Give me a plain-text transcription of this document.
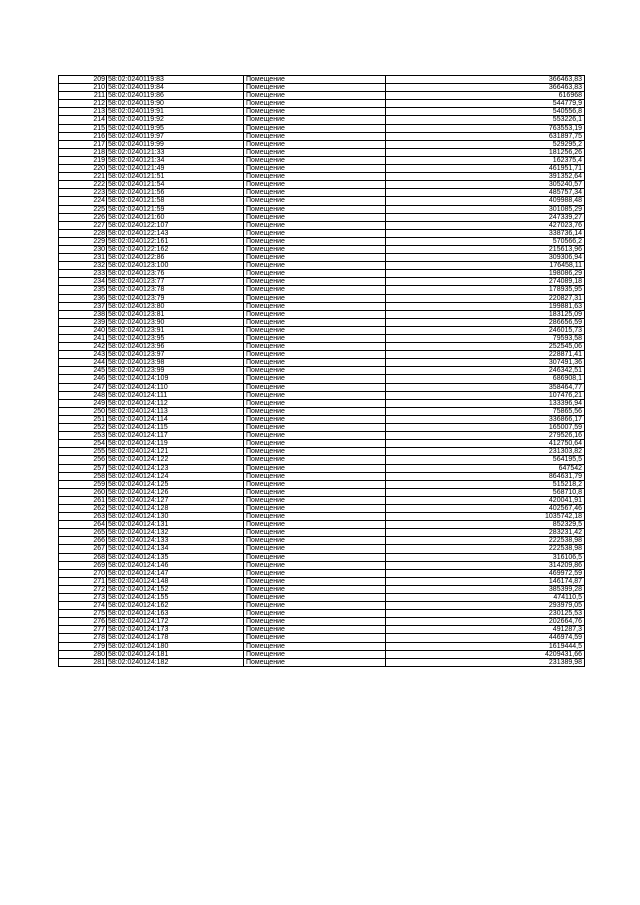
209	58:02:0240119:83	Помещение	366463,83
210	58:02:0240119:84	Помещение	366463,83
211	58:02:0240119:86	Помещение	616968
212	58:02:0240119:90	Помещение	544779,9
213	58:02:0240119:91	Помещение	540556,8
214	58:02:0240119:92	Помещение	553226,1
215	58:02:0240119:95	Помещение	763553,19
216	58:02:0240119:97	Помещение	631897,75
217	58:02:0240119:99	Помещение	529295,2
218	58:02:0240121:33	Помещение	181256,26
219	58:02:0240121:34	Помещение	162375,4
220	58:02:0240121:49	Помещение	461951,71
221	58:02:0240121:51	Помещение	391352,64
222	58:02:0240121:54	Помещение	305240,57
223	58:02:0240121:56	Помещение	485757,34
224	58:02:0240121:58	Помещение	409988,48
225	58:02:0240121:59	Помещение	301085,29
226	58:02:0240121:60	Помещение	247339,27
227	58:02:0240122:107	Помещение	427023,76
228	58:02:0240122:143	Помещение	338736,14
229	58:02:0240122:161	Помещение	570566,2
230	58:02:0240122:162	Помещение	215613,96
231	58:02:0240122:86	Помещение	309306,94
232	58:02:0240123:100	Помещение	176458,11
233	58:02:0240123:76	Помещение	198086,29
234	58:02:0240123:77	Помещение	274089,18
235	58:02:0240123:78	Помещение	178935,95
236	58:02:0240123:79	Помещение	220827,31
237	58:02:0240123:80	Помещение	199881,63
238	58:02:0240123:81	Помещение	183125,09
239	58:02:0240123:90	Помещение	286656,59
240	58:02:0240123:91	Помещение	246015,73
241	58:02:0240123:95	Помещение	79593,58
242	58:02:0240123:96	Помещение	252545,06
243	58:02:0240123:97	Помещение	228871,41
244	58:02:0240123:98	Помещение	307491,36
245	58:02:0240123:99	Помещение	246342,51
246	58:02:0240124:109	Помещение	686908,1
247	58:02:0240124:110	Помещение	358464,77
248	58:02:0240124:111	Помещение	107476,21
249	58:02:0240124:112	Помещение	133396,94
250	58:02:0240124:113	Помещение	75865,56
251	58:02:0240124:114	Помещение	336866,17
252	58:02:0240124:115	Помещение	165007,59
253	58:02:0240124:117	Помещение	279526,16
254	58:02:0240124:119	Помещение	412750,64
255	58:02:0240124:121	Помещение	231303,82
256	58:02:0240124:122	Помещение	564195,5
257	58:02:0240124:123	Помещение	647542
258	58:02:0240124:124	Помещение	864631,79
259	58:02:0240124:125	Помещение	515218,2
260	58:02:0240124:126	Помещение	568710,8
261	58:02:0240124:127	Помещение	420041,91
262	58:02:0240124:128	Помещение	402567,46
263	58:02:0240124:130	Помещение	1035742,18
264	58:02:0240124:131	Помещение	852329,5
265	58:02:0240124:132	Помещение	283231,42
266	58:02:0240124:133	Помещение	222538,98
267	58:02:0240124:134	Помещение	222538,98
268	58:02:0240124:135	Помещение	316106,5
269	58:02:0240124:146	Помещение	314209,86
270	58:02:0240124:147	Помещение	469972,59
271	58:02:0240124:148	Помещение	146174,87
272	58:02:0240124:152	Помещение	385399,28
273	58:02:0240124:155	Помещение	474110,5
274	58:02:0240124:162	Помещение	293979,05
275	58:02:0240124:163	Помещение	230125,53
276	58:02:0240124:172	Помещение	202664,76
277	58:02:0240124:173	Помещение	491287,3
278	58:02:0240124:178	Помещение	446974,59
279	58:02:0240124:180	Помещение	1619444,5
280	58:02:0240124:181	Помещение	4209431,66
281	58:02:0240124:182	Помещение	231389,98
